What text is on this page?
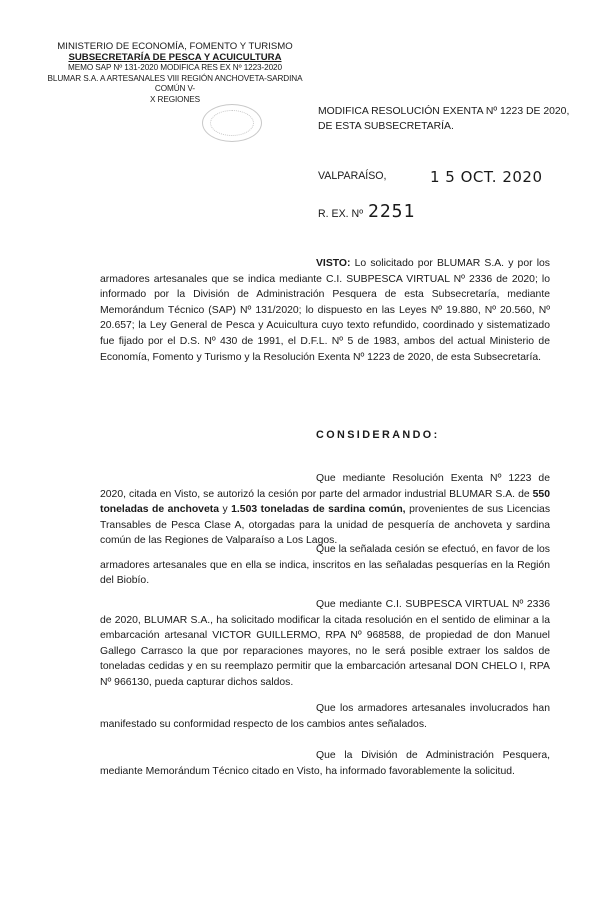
MINISTERIO DE ECONOMÍA, FOMENTO Y TURISMO
SUBSECRETARÍA DE PESCA Y ACUICULTURA
MEMO SAP Nº 131-2020 MODIFICA RES EX Nº 1223-2020
BLUMAR S.A. A ARTESANALES VIII REGIÓN ANCHOVETA-SARDINA COMÚN V-
X REGIONES
MODIFICA RESOLUCIÓN EXENTA Nº 1223 DE 2020, DE ESTA SUBSECRETARÍA.
VALPARAÍSO,	1 5 OCT. 2020
R. EX. Nº 2251

VISTO: Lo solicitado por BLUMAR S.A. y por los armadores artesanales que se indica mediante C.I. SUBPESCA VIRTUAL Nº 2336 de 2020; lo informado por la División de Administración Pesquera de esta Subsecretaría, mediante Memorándum Técnico (SAP) Nº 131/2020; lo dispuesto en las Leyes Nº 19.880, Nº 20.560, Nº 20.657; la Ley General de Pesca y Acuicultura cuyo texto refundido, coordinado y sistematizado fue fijado por el D.S. Nº 430 de 1991, el D.F.L. Nº 5 de 1983, ambos del actual Ministerio de Economía, Fomento y Turismo y la Resolución Exenta Nº 1223 de 2020, de esta Subsecretaría.

CONSIDERANDO:

Que mediante Resolución Exenta Nº 1223 de 2020, citada en Visto, se autorizó la cesión por parte del armador industrial BLUMAR S.A. de 550 toneladas de anchoveta y 1.503 toneladas de sardina común, provenientes de sus Licencias Transables de Pesca Clase A, otorgadas para la unidad de pesquería de anchoveta y sardina común de las Regiones de Valparaíso a Los Lagos.

Que la señalada cesión se efectuó, en favor de los armadores artesanales que en ella se indica, inscritos en las señaladas pesquerías en la Región del Biobío.

Que mediante C.I. SUBPESCA VIRTUAL Nº 2336 de 2020, BLUMAR S.A., ha solicitado modificar la citada resolución en el sentido de eliminar a la embarcación artesanal VICTOR GUILLERMO, RPA Nº 968588, de propiedad de don Manuel Gallego Carrasco la que por reparaciones mayores, no le será posible extraer los saldos de toneladas cedidas y en su reemplazo permitir que la embarcación artesanal DON CHELO I, RPA Nº 966130, pueda capturar dichos saldos.

Que los armadores artesanales involucrados han manifestado su conformidad respecto de los cambios antes señalados.

Que la División de Administración Pesquera, mediante Memorándum Técnico citado en Visto, ha informado favorablemente la solicitud.
